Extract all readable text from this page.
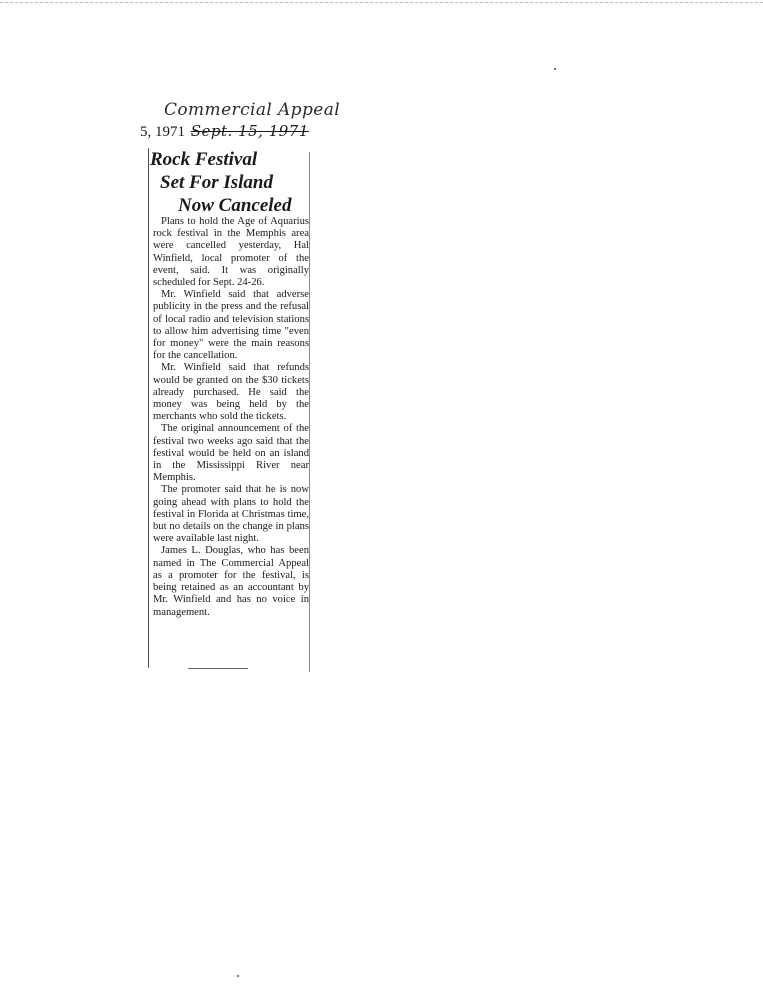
Commercial Appeal
5, 1971 Sept. 15, 1971
Rock Festival
Set For Island
Now Canceled

Plans to hold the Age of Aquarius rock festival in the Memphis area were cancelled yesterday, Hal Winfield, local promoter of the event, said. It was originally scheduled for Sept. 24-26.

Mr. Winfield said that adverse publicity in the press and the refusal of local radio and television stations to allow him advertising time "even for money" were the main reasons for the cancellation.

Mr. Winfield said that refunds would be granted on the $30 tickets already purchased. He said the money was being held by the merchants who sold the tickets.

The original announcement of the festival two weeks ago said that the festival would be held on an island in the Mississippi River near Memphis.

The promoter said that he is now going ahead with plans to hold the festival in Florida at Christmas time, but no details on the change in plans were available last night.

James L. Douglas, who has been named in The Commercial Appeal as a promoter for the festival, is being retained as an accountant by Mr. Winfield and has no voice in management.
